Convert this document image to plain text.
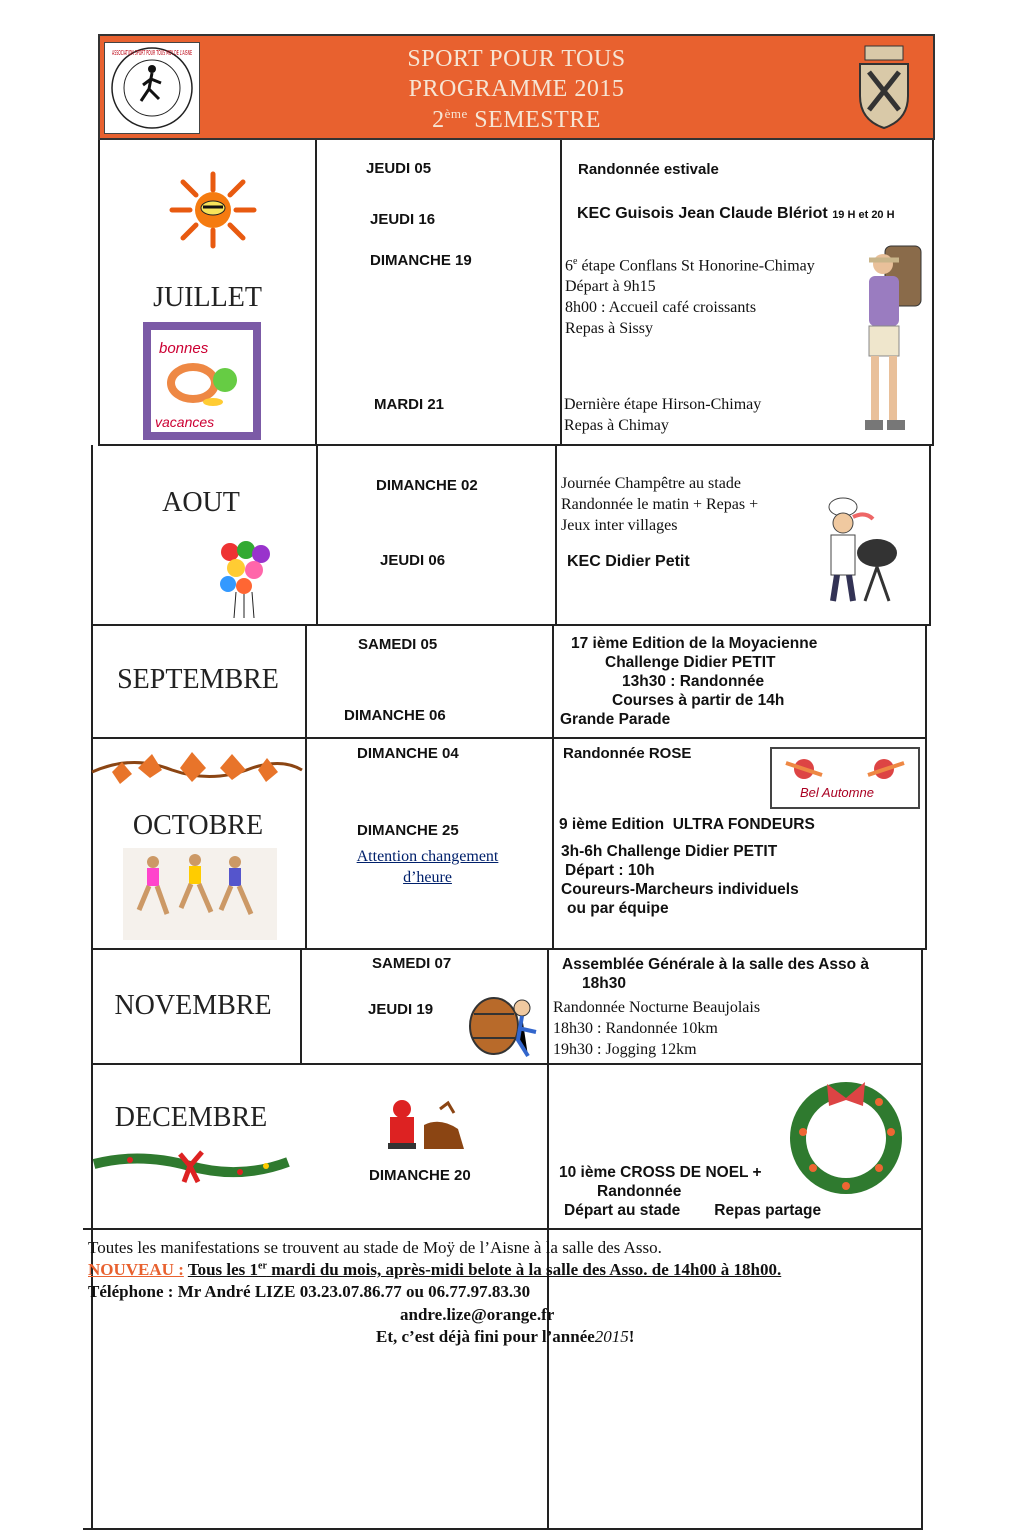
ASSOCIATION SPORT POUR TOUS MOY DE L'AISNE	SPORT POUR TOUS
PROGRAMME 2015
2ème SEMESTRE
JUILLET
bonnes
vacances
JEUDI 05
JEUDI 16
DIMANCHE 19
MARDI 21
Randonnée estivale
KEC Guisois Jean Claude Blériot 19 H et 20 H
6e étape Conflans St Honorine-Chimay
Départ à 9h15
8h00 : Accueil café croissants
Repas à Sissy
Dernière étape Hirson-Chimay
Repas à Chimay
AOUT
DIMANCHE 02
JEUDI 06
Journée Champêtre au stade
Randonnée le matin + Repas +
Jeux inter villages
KEC Didier Petit
SEPTEMBRE
SAMEDI 05
DIMANCHE 06
17 ième Edition de la Moyacienne
Challenge Didier PETIT
13h30 : Randonnée
Courses à partir de 14h
Grande Parade
OCTOBRE
DIMANCHE 04
DIMANCHE 25
Attention changement
d’heure
Randonnée ROSE
Bel Automne
9 ième Edition ULTRA FONDEURS
3h-6h Challenge Didier PETIT
Départ : 10h
Coureurs-Marcheurs individuels
ou par équipe
NOVEMBRE
SAMEDI 07
JEUDI 19
Assemblée Générale à la salle des Asso à
18h30
Randonnée Nocturne Beaujolais
18h30 : Randonnée 10km
19h30 : Jogging 12km
DECEMBRE
DIMANCHE 20	10 ième CROSS DE NOEL +
Randonnée
Départ au stade Repas partage
Toutes les manifestations se trouvent au stade de Moÿ de l’Aisne à la salle des Asso.
NOUVEAU : Tous les 1er mardi du mois, après-midi belote à la salle des Asso. de 14h00 à 18h00.
Téléphone : Mr André LIZE 03.23.07.86.77 ou 06.77.97.83.30
andre.lize@orange.fr
Et, c’est déjà fini pour l’année2015!
